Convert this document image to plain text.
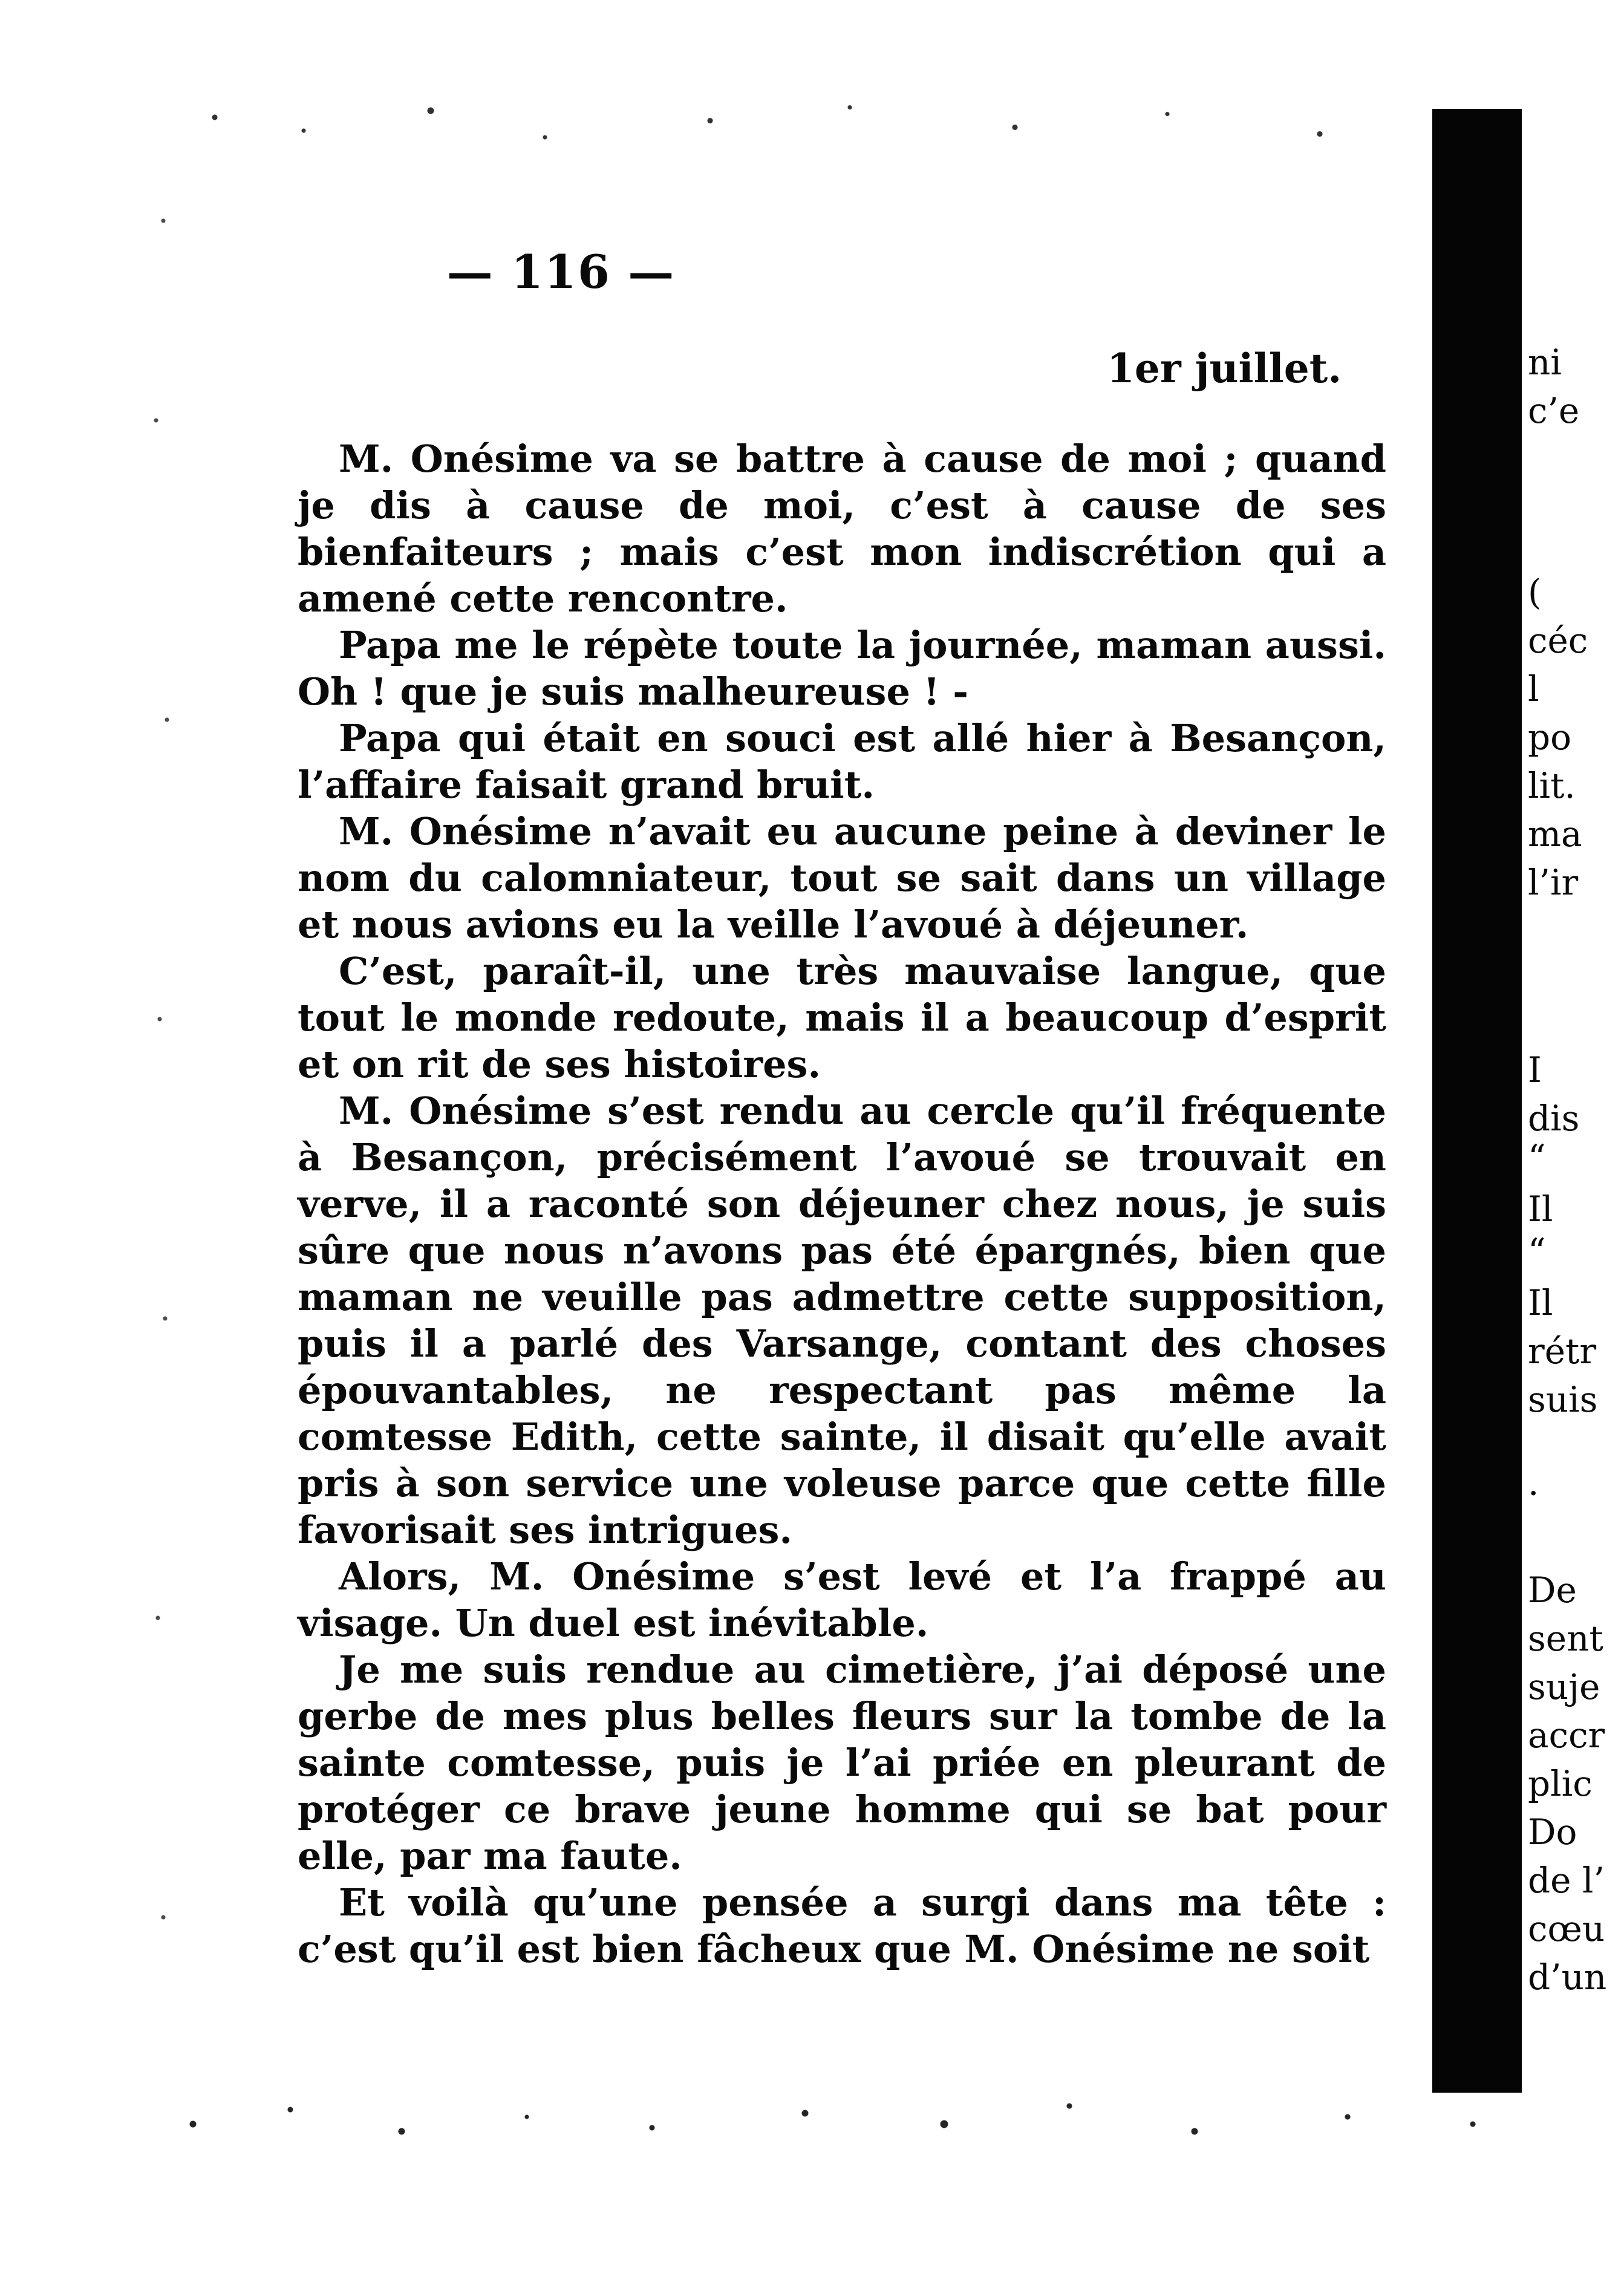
— 116 —
1er juillet.

M. Onésime va se battre à cause de moi ; quand je dis à cause de moi, c’est à cause de ses bienfaiteurs ; mais c’est mon indiscrétion qui a amené cette rencontre.

Papa me le répète toute la journée, maman aussi. Oh ! que je suis malheureuse ! -

Papa qui était en souci est allé hier à Besançon, l’affaire faisait grand bruit.

M. Onésime n’avait eu aucune peine à deviner le nom du calomniateur, tout se sait dans un village et nous avions eu la veille l’avoué à déjeuner.

C’est, paraît-il, une très mauvaise langue, que tout le monde redoute, mais il a beaucoup d’esprit et on rit de ses histoires.

M. Onésime s’est rendu au cercle qu’il fréquente à Besançon, précisément l’avoué se trouvait en verve, il a raconté son déjeuner chez nous, je suis sûre que nous n’avons pas été épargnés, bien que maman ne veuille pas admettre cette supposition, puis il a parlé des Varsange, contant des choses épouvantables, ne respectant pas même la comtesse Edith, cette sainte, il disait qu’elle avait pris à son service une voleuse parce que cette fille favorisait ses intrigues.

Alors, M. Onésime s’est levé et l’a frappé au visage. Un duel est inévitable.

Je me suis rendue au cimetière, j’ai déposé une gerbe de mes plus belles fleurs sur la tombe de la sainte comtesse, puis je l’ai priée en pleurant de protéger ce brave jeune homme qui se bat pour elle, par ma faute.

Et voilà qu’une pensée a surgi dans ma tête : c’est qu’il est bien fâcheux que M. Onésime ne soit

ni
c’e
(
céc
l
po
lit.
ma
l’ir
I
dis
“
Il
“
Il
rétr
suis
·
De
sent
suje
accr
plic
Do
de l’
cœu
d’un
